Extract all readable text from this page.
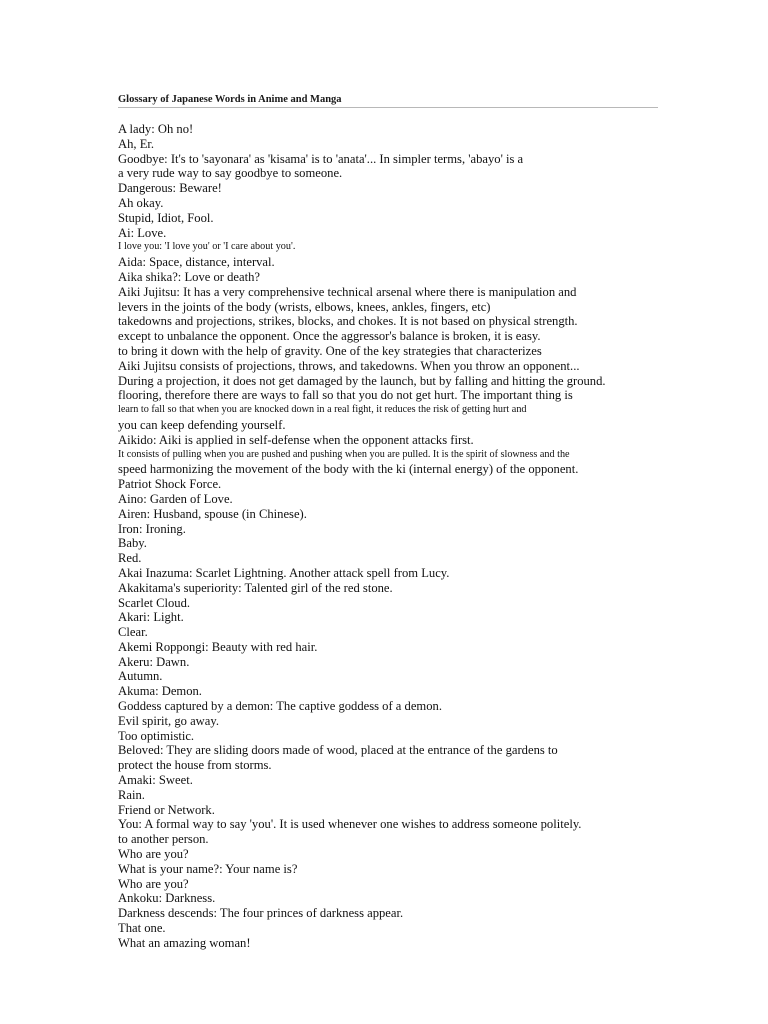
Glossary of Japanese Words in Anime and Manga
A lady: Oh no!
Ah, Er.
Goodbye: It's to 'sayonara' as 'kisama' is to 'anata'... In simpler terms, 'abayo' is a
a very rude way to say goodbye to someone.
Dangerous: Beware!
Ah okay.
Stupid, Idiot, Fool.
Ai: Love.
I love you: 'I love you' or 'I care about you'.
Aida: Space, distance, interval.
Aika shika?: Love or death?
Aiki Jujitsu: It has a very comprehensive technical arsenal where there is manipulation and
levers in the joints of the body (wrists, elbows, knees, ankles, fingers, etc)
takedowns and projections, strikes, blocks, and chokes. It is not based on physical strength.
except to unbalance the opponent. Once the aggressor's balance is broken, it is easy.
to bring it down with the help of gravity. One of the key strategies that characterizes
Aiki Jujitsu consists of projections, throws, and takedowns. When you throw an opponent...
During a projection, it does not get damaged by the launch, but by falling and hitting the ground.
flooring, therefore there are ways to fall so that you do not get hurt. The important thing is
learn to fall so that when you are knocked down in a real fight, it reduces the risk of getting hurt and
you can keep defending yourself.
Aikido: Aiki is applied in self-defense when the opponent attacks first.
It consists of pulling when you are pushed and pushing when you are pulled. It is the spirit of slowness and the
speed harmonizing the movement of the body with the ki (internal energy) of the opponent.
Patriot Shock Force.
Aino: Garden of Love.
Airen: Husband, spouse (in Chinese).
Iron: Ironing.
Baby.
Red.
Akai Inazuma: Scarlet Lightning. Another attack spell from Lucy.
Akakitama's superiority: Talented girl of the red stone.
Scarlet Cloud.
Akari: Light.
Clear.
Akemi Roppongi: Beauty with red hair.
Akeru: Dawn.
Autumn.
Akuma: Demon.
Goddess captured by a demon: The captive goddess of a demon.
Evil spirit, go away.
Too optimistic.
Beloved: They are sliding doors made of wood, placed at the entrance of the gardens to
protect the house from storms.
Amaki: Sweet.
Rain.
Friend or Network.
You: A formal way to say 'you'. It is used whenever one wishes to address someone politely.
to another person.
Who are you?
What is your name?: Your name is?
Who are you?
Ankoku: Darkness.
Darkness descends: The four princes of darkness appear.
That one.
What an amazing woman!
